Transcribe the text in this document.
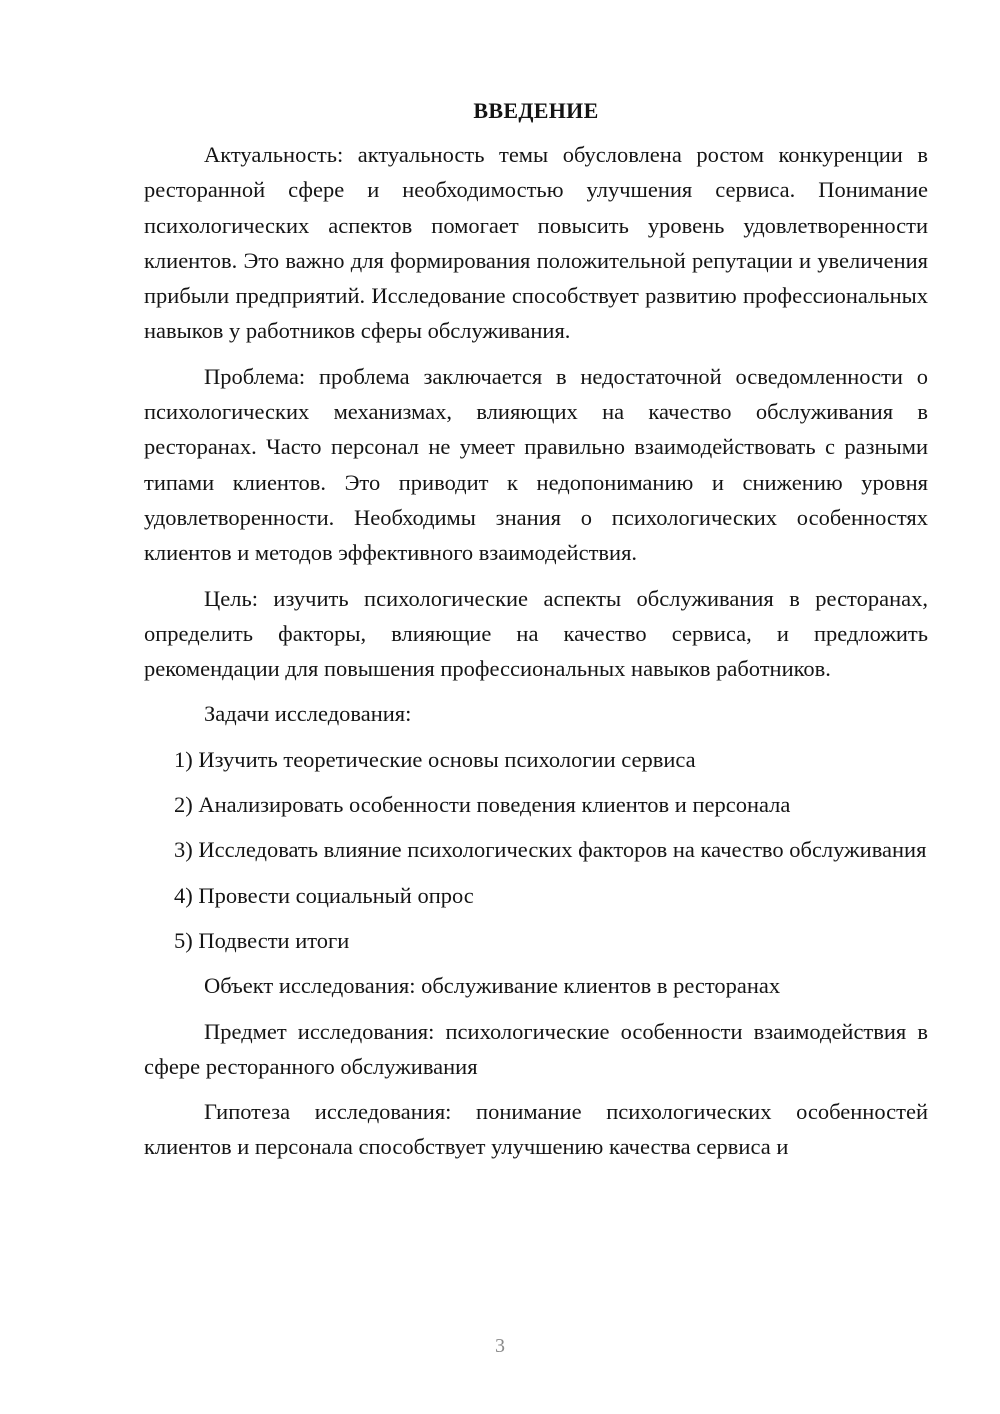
ВВЕДЕНИЕ

Актуальность: актуальность темы обусловлена ростом конкуренции в ресторанной сфере и необходимостью улучшения сервиса. Понимание психологических аспектов помогает повысить уровень удовлетворенности клиентов. Это важно для формирования положительной репутации и увеличения прибыли предприятий. Исследование способствует развитию профессиональных навыков у работников сферы обслуживания.

Проблема: проблема заключается в недостаточной осведомленности о психологических механизмах, влияющих на качество обслуживания в ресторанах. Часто персонал не умеет правильно взаимодействовать с разными типами клиентов. Это приводит к недопониманию и снижению уровня удовлетворенности. Необходимы знания о психологических особенностях клиентов и методов эффективного взаимодействия.

Цель: изучить психологические аспекты обслуживания в ресторанах, определить факторы, влияющие на качество сервиса, и предложить рекомендации для повышения профессиональных навыков работников.

Задачи исследования:

1) Изучить теоретические основы психологии сервиса

2) Анализировать особенности поведения клиентов и персонала

3) Исследовать влияние психологических факторов на качество обслуживания

4) Провести социальный опрос

5) Подвести итоги

Объект исследования: обслуживание клиентов в ресторанах

Предмет исследования: психологические особенности взаимодействия в сфере ресторанного обслуживания

Гипотеза исследования: понимание психологических особенностей клиентов и персонала способствует улучшению качества сервиса и

3
